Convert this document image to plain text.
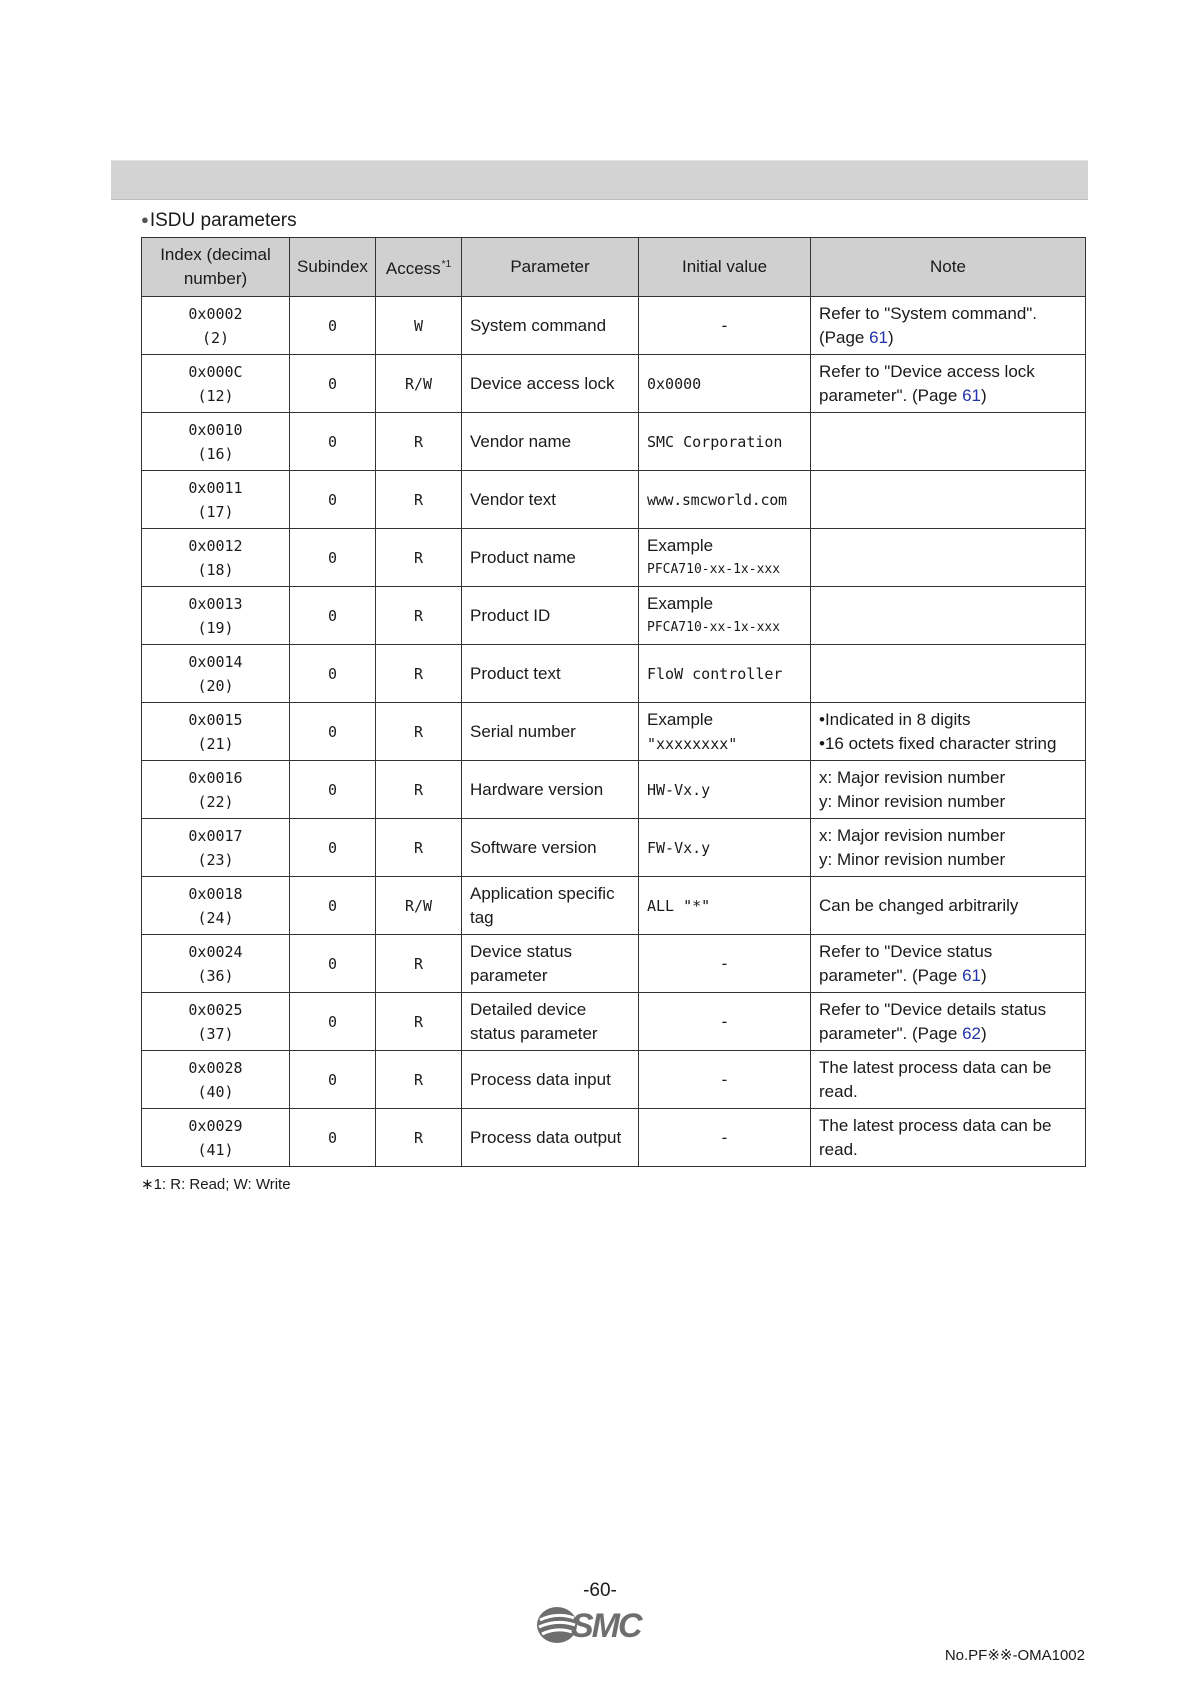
●ISDU parameters
Index (decimal number)	Subindex	Access$^{*1}$	Parameter	Initial value	Note

0x0002
(2)	0	W	System command	-	Refer to "System command".
(Page 61)

0x000C
(12)	0	R/W	Device access lock	0x0000	Refer to "Device access lock
parameter". (Page 61)

0x0010
(16)	0	R	Vendor name	SMC Corporation	

0x0011
(17)	0	R	Vendor text	www.smcworld.com	

0x0012
(18)	0	R	Product name	Example
PFCA710-xx-1x-xxx	

0x0013
(19)	0	R	Product ID	Example
PFCA710-xx-1x-xxx	

0x0014
(20)	0	R	Product text	FloW controller	

0x0015
(21)	0	R	Serial number	Example
"xxxxxxxx"	•Indicated in 8 digits
•16 octets fixed character string

0x0016
(22)	0	R	Hardware version	HW-Vx.y	x: Major revision number
y: Minor revision number

0x0017
(23)	0	R	Software version	FW-Vx.y	x: Major revision number
y: Minor revision number

0x0018
(24)	0	R/W	Application specific
tag	ALL "*"	Can be changed arbitrarily

0x0024
(36)	0	R	Device status
parameter	-	Refer to "Device status
parameter". (Page 61)

0x0025
(37)	0	R	Detailed device
status parameter	-	Refer to "Device details status
parameter". (Page 62)

0x0028
(40)	0	R	Process data input	-	The latest process data can be
read.

0x0029
(41)	0	R	Process data output	-	The latest process data can be
read.
∗1: R: Read; W: Write
-60-
SMC
No.PF※※-OMA1002
